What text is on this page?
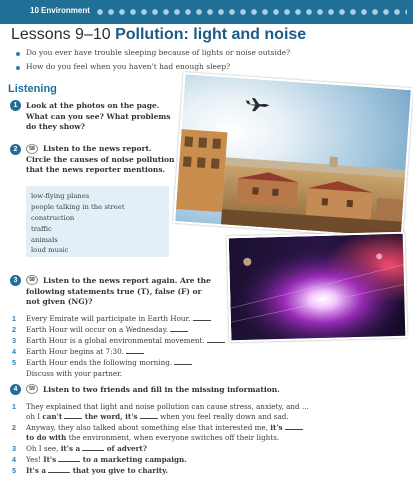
10 Environment
Lessons 9–10 Pollution: light and noise
Do you ever have trouble sleeping because of lights or noise outside?
How do you feel when you haven't had enough sleep?
Listening
1	Look at the photos on the page.
What can you see? What problems
do they show?
2	58	Listen to the news report.
Circle the causes of noise pollution
that the news reporter mentions.
low-flying planes
people talking in the street
construction
traffic
animals
loud music
3	58	Listen to the news report again. Are the
following statements true (T), false (F) or
not given (NG)?
1 Every Emirate will participate in Earth Hour.
2 Earth Hour will occur on a Wednesday.
3 Earth Hour is a global environmental movement.
4 Earth Hour begins at 7:30.
5 Earth Hour ends the following morning.
Discuss with your partner.
4	59	Listen to two friends and fill in the missing information.
1 They explained that light and noise pollution can cause stress, anxiety, and …
oh I can't	the word, it's	when you feel really down and sad.
2 Anyway, they also talked about something else that interested me, it's
to do with the environment, when everyone switches off their lights.
3 Oh I see, it's a	of advert?
4 Yes! It's	to a marketing campaign.
5 It's a	that you give to charity.
